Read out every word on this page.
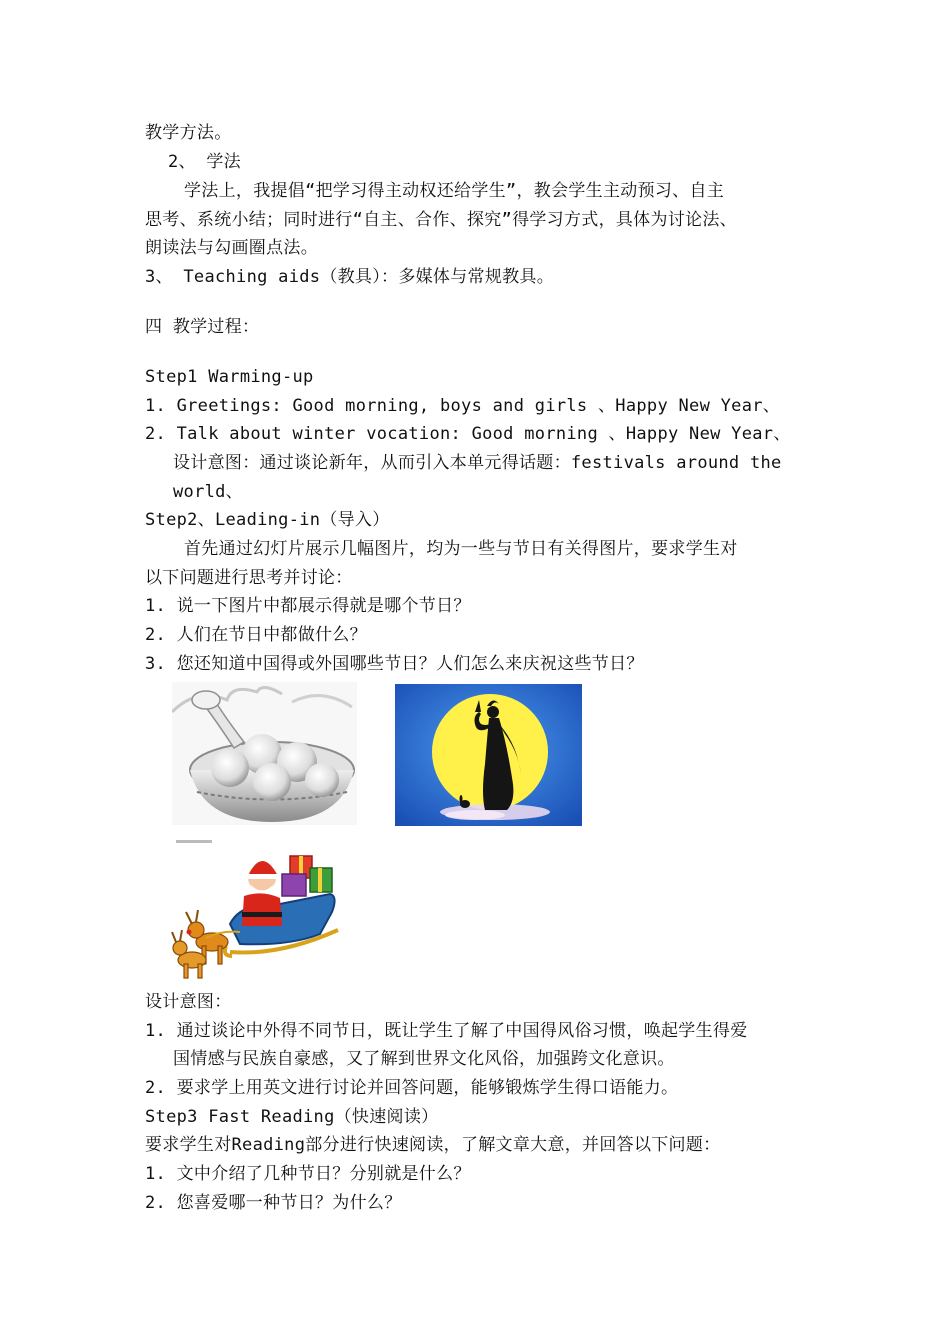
教学方法。
2、 学法
学法上，我提倡“把学习得主动权还给学生”，教会学生主动预习、自主
思考、系统小结；同时进行“自主、合作、探究”得学习方式，具体为讨论法、
朗读法与勾画圈点法。
3、 Teaching aids（教具）：多媒体与常规教具。
四 教学过程：
Step1 Warming-up
1. Greetings: Good morning, boys and girls 、Happy New Year、
2. Talk about winter vocation: Good morning 、Happy New Year、
设计意图：通过谈论新年，从而引入本单元得话题：festivals around the
world、
Step2、Leading-in（导入）
首先通过幻灯片展示几幅图片，均为一些与节日有关得图片，要求学生对
以下问题进行思考并讨论：
1. 说一下图片中都展示得就是哪个节日？
2. 人们在节日中都做什么？
3. 您还知道中国得或外国哪些节日？人们怎么来庆祝这些节日？
设计意图：
1. 通过谈论中外得不同节日，既让学生了解了中国得风俗习惯，唤起学生得爱
国情感与民族自豪感，又了解到世界文化风俗，加强跨文化意识。
2. 要求学上用英文进行讨论并回答问题，能够锻炼学生得口语能力。
Step3 Fast Reading（快速阅读）
要求学生对Reading部分进行快速阅读，了解文章大意，并回答以下问题：
1. 文中介绍了几种节日？分别就是什么？
2. 您喜爱哪一种节日？为什么？
